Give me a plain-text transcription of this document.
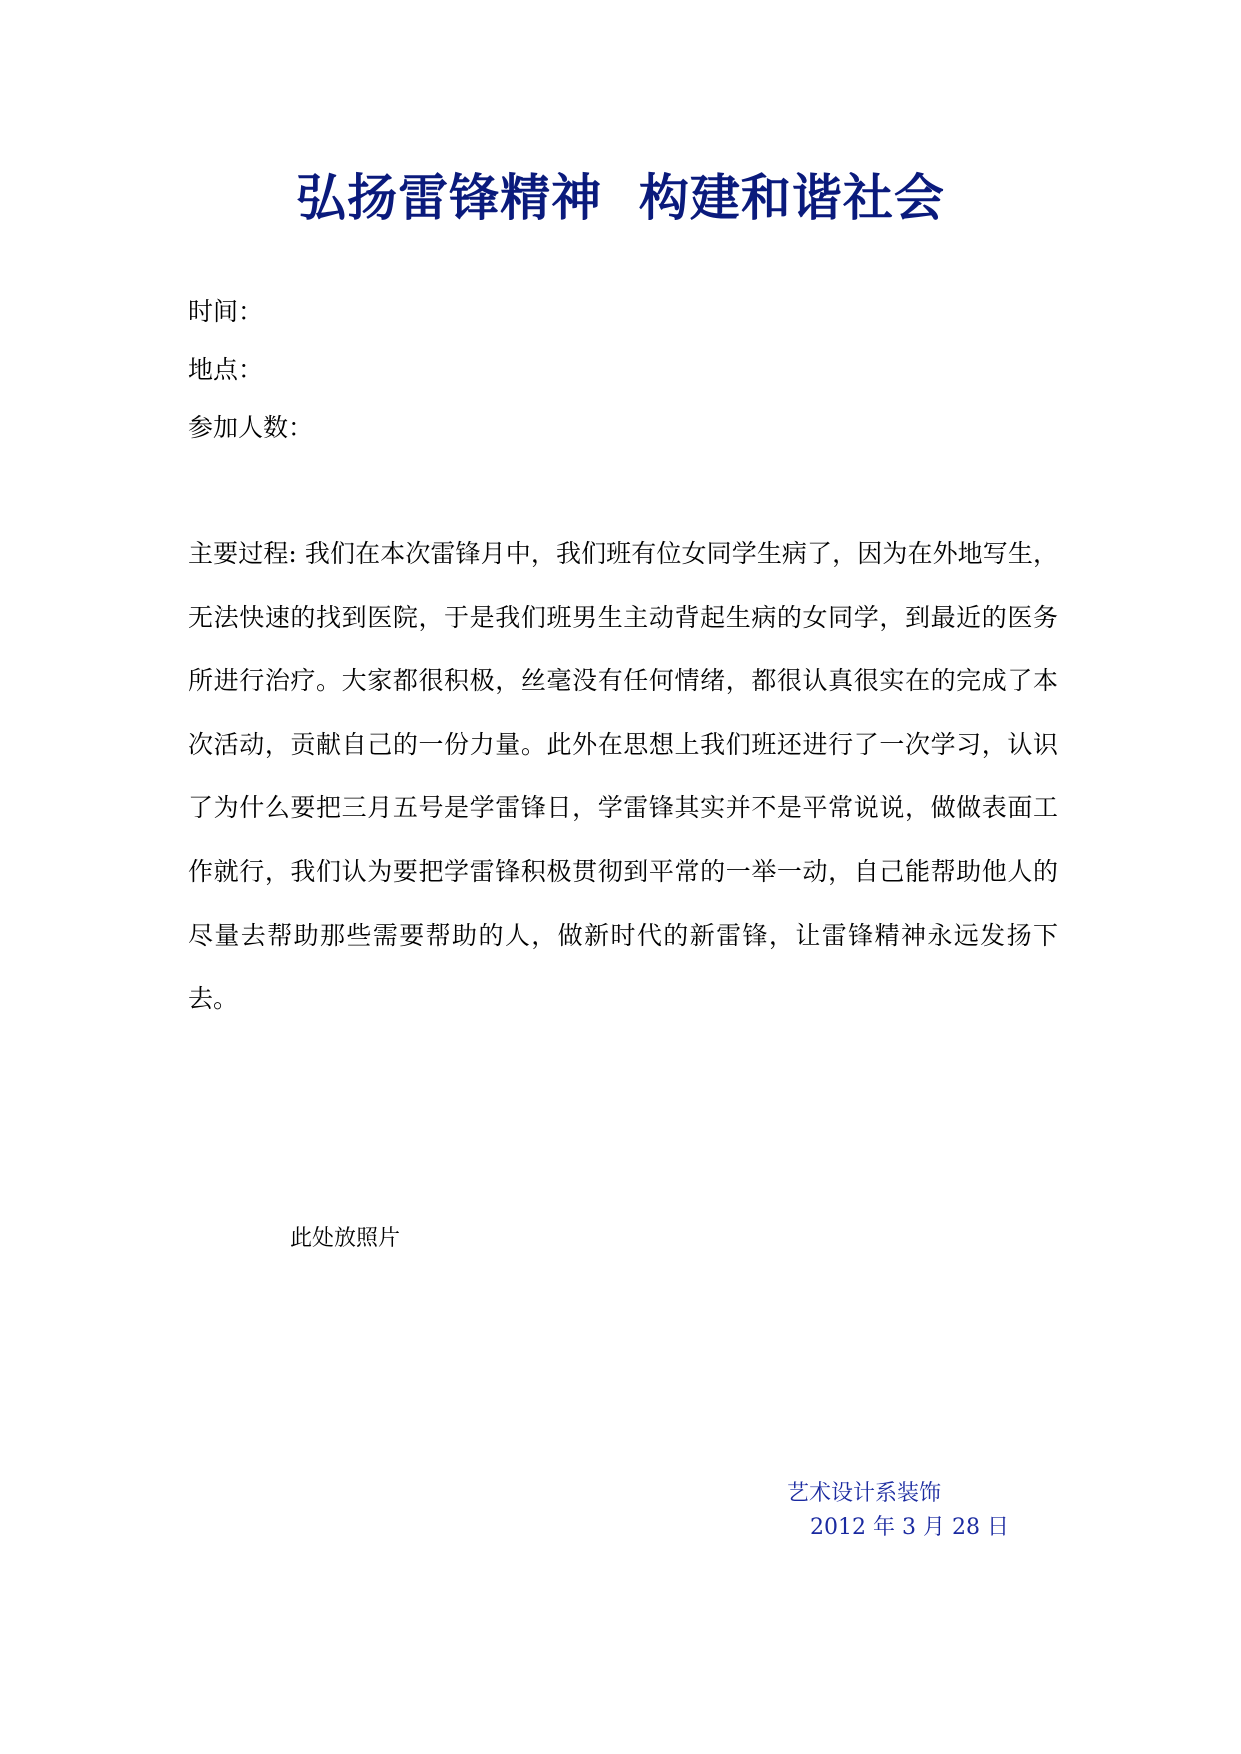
弘扬雷锋精神  构建和谐社会
时间：
地点：
参加人数：

主要过程: 我们在本次雷锋月中，我们班有位女同学生病了，因为在外地写生，无法快速的找到医院，于是我们班男生主动背起生病的女同学，到最近的医务所进行治疗。大家都很积极，丝毫没有任何情绪，都很认真很实在的完成了本次活动，贡献自己的一份力量。此外在思想上我们班还进行了一次学习，认识了为什么要把三月五号是学雷锋日，学雷锋其实并不是平常说说，做做表面工作就行，我们认为要把学雷锋积极贯彻到平常的一举一动，自己能帮助他人的尽量去帮助那些需要帮助的人，做新时代的新雷锋，让雷锋精神永远发扬下去。

此处放照片
艺术设计系装饰
2012 年 3 月 28 日
